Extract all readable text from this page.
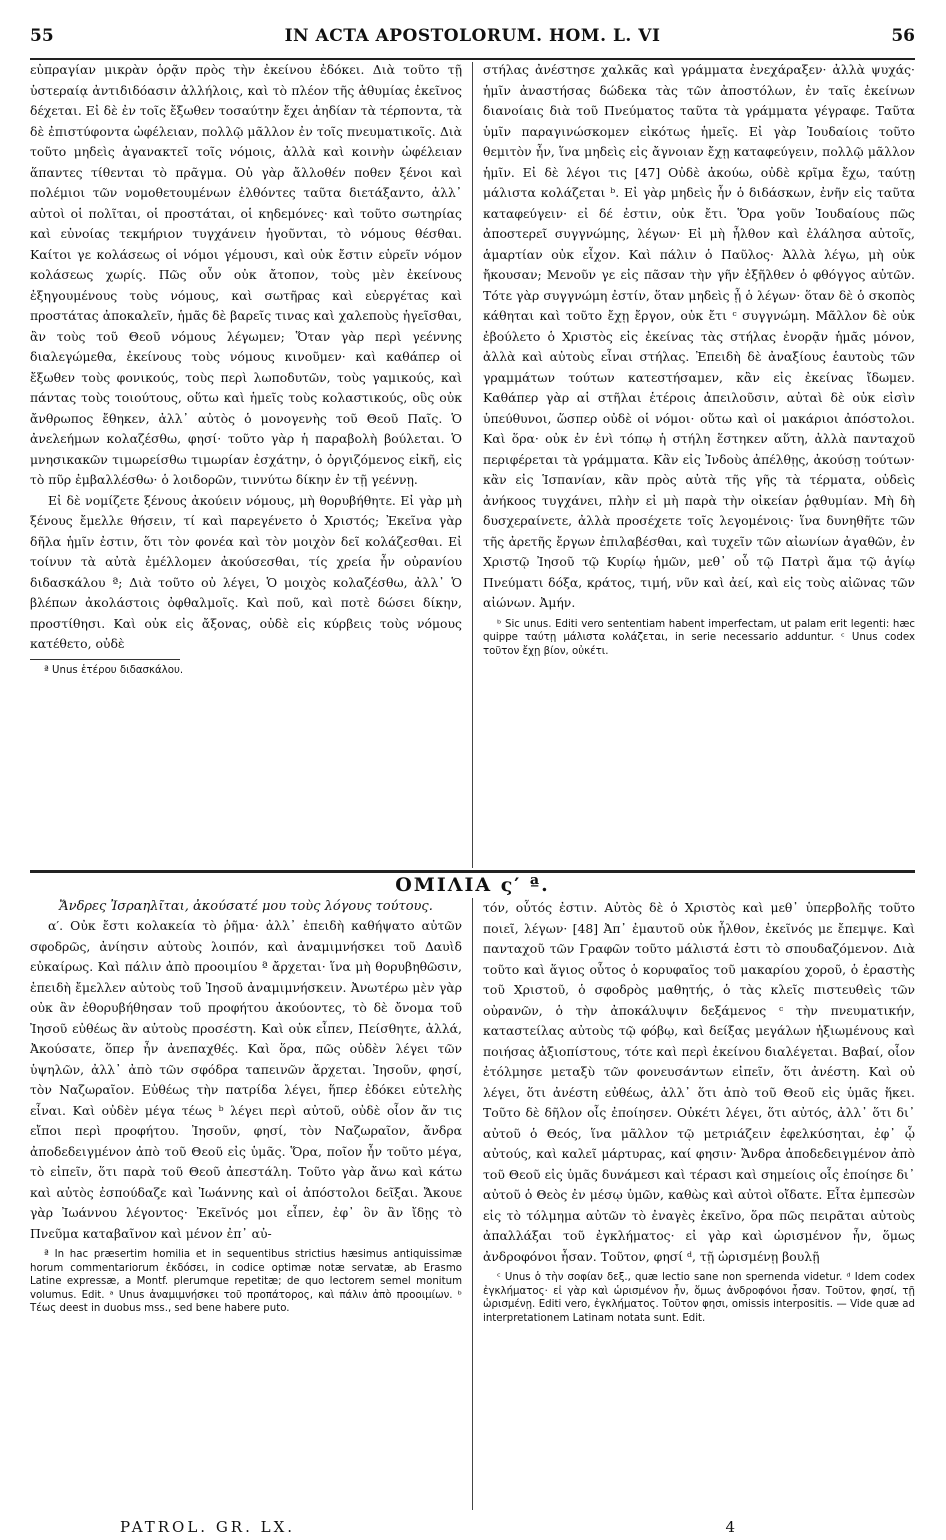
55	IN ACTA APOSTOLORUM. HOM. L. VI	56

εὐπραγίαν μικρὰν ὁρᾷν πρὸς τὴν ἐκείνου ἐδόκει. Διὰ τοῦτο τῇ ὑστεραίᾳ ἀντιδιδόασιν ἀλλήλοις, καὶ τὸ πλέον τῆς ἀθυμίας ἐκεῖνος δέχεται. Εἰ δὲ ἐν τοῖς ἔξωθεν τοσαύτην ἔχει ἀηδίαν τὰ τέρποντα, τὰ δὲ ἐπιστύφοντα ὠφέλειαν, πολλῷ μᾶλλον ἐν τοῖς πνευματικοῖς. Διὰ τοῦτο μηδεὶς ἀγανακτεῖ τοῖς νόμοις, ἀλλὰ καὶ κοινὴν ὠφέλειαν ἅπαντες τίθενται τὸ πρᾶγμα. Οὐ γὰρ ἄλλοθέν ποθεν ξένοι καὶ πολέμιοι τῶν νομοθετουμένων ἐλθόντες ταῦτα διετάξαντο, ἀλλ᾽ αὐτοὶ οἱ πολῖται, οἱ προστάται, οἱ κηδεμόνες· καὶ τοῦτο σωτηρίας καὶ εὐνοίας τεκμήριον τυγχάνειν ἡγοῦνται, τὸ νόμους θέσθαι. Καίτοι γε κολάσεως οἱ νόμοι γέμουσι, καὶ οὐκ ἔστιν εὑρεῖν νόμον κολάσεως χωρίς. Πῶς οὖν οὐκ ἄτοπον, τοὺς μὲν ἐκείνους ἐξηγουμένους τοὺς νόμους, καὶ σωτῆρας καὶ εὐεργέτας καὶ προστάτας ἀποκαλεῖν, ἡμᾶς δὲ βαρεῖς τινας καὶ χαλεποὺς ἡγεῖσθαι, ἂν τοὺς τοῦ Θεοῦ νόμους λέγωμεν; Ὅταν γὰρ περὶ γεέννης διαλεγώμεθα, ἐκείνους τοὺς νόμους κινοῦμεν· καὶ καθάπερ οἱ ἔξωθεν τοὺς φονικούς, τοὺς περὶ λωποδυτῶν, τοὺς γαμικούς, καὶ πάντας τοὺς τοιούτους, οὕτω καὶ ἡμεῖς τοὺς κολαστικούς, οὓς οὐκ ἄνθρωπος ἔθηκεν, ἀλλ᾽ αὐτὸς ὁ μονογενὴς τοῦ Θεοῦ Παῖς. Ὁ ἀνελεήμων κολαζέσθω, φησί· τοῦτο γὰρ ἡ παραβολὴ βούλεται. Ὁ μνησικακῶν τιμωρείσθω τιμωρίαν ἐσχάτην, ὁ ὀργιζόμενος εἰκῆ, εἰς τὸ πῦρ ἐμβαλλέσθω· ὁ λοιδορῶν, τιννύτω δίκην ἐν τῇ γεέννῃ.

Εἰ δὲ νομίζετε ξένους ἀκούειν νόμους, μὴ θορυβήθητε. Εἰ γὰρ μὴ ξένους ἔμελλε θήσειν, τί καὶ παρεγένετο ὁ Χριστός; Ἐκεῖνα γὰρ δῆλα ἡμῖν ἐστιν, ὅτι τὸν φονέα καὶ τὸν μοιχὸν δεῖ κολάζεσθαι. Εἰ τοίνυν τὰ αὐτὰ ἐμέλλομεν ἀκούσεσθαι, τίς χρεία ἦν οὐρανίου διδασκάλου ª; Διὰ τοῦτο οὐ λέγει, Ὁ μοιχὸς κολαζέσθω, ἀλλ᾽ Ὁ βλέπων ἀκολάστοις ὀφθαλμοῖς. Καὶ ποῦ, καὶ ποτὲ δώσει δίκην, προστίθησι. Καὶ οὐκ εἰς ἄξονας, οὐδὲ εἰς κύρβεις τοὺς νόμους κατέθετο, οὐδὲ

ª Unus ἑτέρου διδασκάλου.

στήλας ἀνέστησε χαλκᾶς καὶ γράμματα ἐνεχάραξεν· ἀλλὰ ψυχάς· ἡμῖν ἀναστήσας δώδεκα τὰς τῶν ἀποστόλων, ἐν ταῖς ἐκείνων διανοίαις διὰ τοῦ Πνεύματος ταῦτα τὰ γράμματα γέγραφε. Ταῦτα ὑμῖν παραγινώσκομεν εἰκότως ἡμεῖς. Εἰ γὰρ Ἰουδαίοις τοῦτο θεμιτὸν ἦν, ἵνα μηδεὶς εἰς ἄγνοιαν ἔχῃ καταφεύγειν, πολλῷ μᾶλλον ἡμῖν. Εἰ δὲ λέγοι τις [47] Οὐδὲ ἀκούω, οὐδὲ κρῖμα ἔχω, ταύτῃ μάλιστα κολάζεται ᵇ. Εἰ γὰρ μηδεὶς ἦν ὁ διδάσκων, ἐνῆν εἰς ταῦτα καταφεύγειν· εἰ δέ ἐστιν, οὐκ ἔτι. Ὅρα γοῦν Ἰουδαίους πῶς ἀποστερεῖ συγγνώμης, λέγων· Εἰ μὴ ἦλθον καὶ ἐλάλησα αὐτοῖς, ἁμαρτίαν οὐκ εἶχον. Καὶ πάλιν ὁ Παῦλος· Ἀλλὰ λέγω, μὴ οὐκ ἤκουσαν; Μενοῦν γε εἰς πᾶσαν τὴν γῆν ἐξῆλθεν ὁ φθόγγος αὐτῶν. Τότε γὰρ συγγνώμη ἐστίν, ὅταν μηδεὶς ᾖ ὁ λέγων· ὅταν δὲ ὁ σκοπὸς κάθηται καὶ τοῦτο ἔχῃ ἔργον, οὐκ ἔτι ᶜ συγγνώμη. Μᾶλλον δὲ οὐκ ἐβούλετο ὁ Χριστὸς εἰς ἐκείνας τὰς στήλας ἐνορᾷν ἡμᾶς μόνον, ἀλλὰ καὶ αὐτοὺς εἶναι στήλας. Ἐπειδὴ δὲ ἀναξίους ἑαυτοὺς τῶν γραμμάτων τούτων κατεστήσαμεν, κἂν εἰς ἐκείνας ἴδωμεν. Καθάπερ γὰρ αἱ στῆλαι ἑτέροις ἀπειλοῦσιν, αὐταὶ δὲ οὐκ εἰσὶν ὑπεύθυνοι, ὥσπερ οὐδὲ οἱ νόμοι· οὕτω καὶ οἱ μακάριοι ἀπόστολοι. Καὶ ὅρα· οὐκ ἐν ἑνὶ τόπῳ ἡ στήλη ἕστηκεν αὕτη, ἀλλὰ πανταχοῦ περιφέρεται τὰ γράμματα. Κἂν εἰς Ἰνδοὺς ἀπέλθῃς, ἀκούσῃ τούτων· κἂν εἰς Ἱσπανίαν, κἂν πρὸς αὐτὰ τῆς γῆς τὰ τέρματα, οὐδεὶς ἀνήκοος τυγχάνει, πλὴν εἰ μὴ παρὰ τὴν οἰκείαν ῥᾳθυμίαν. Μὴ δὴ δυσχεραίνετε, ἀλλὰ προσέχετε τοῖς λεγομένοις· ἵνα δυνηθῆτε τῶν τῆς ἀρετῆς ἔργων ἐπιλαβέσθαι, καὶ τυχεῖν τῶν αἰωνίων ἀγαθῶν, ἐν Χριστῷ Ἰησοῦ τῷ Κυρίῳ ἡμῶν, μεθ᾽ οὗ τῷ Πατρὶ ἅμα τῷ ἁγίῳ Πνεύματι δόξα, κράτος, τιμή, νῦν καὶ ἀεί, καὶ εἰς τοὺς αἰῶνας τῶν αἰώνων. Ἀμήν.

ᵇ Sic unus. Editi vero sententiam habent imperfectam, ut palam erit legenti: hæc quippe ταύτῃ μάλιστα κολάζεται, in serie necessario adduntur. ᶜ Unus codex τοῦτον ἔχῃ βίον, οὐκέτι.

ΟΜΙΛΙΑ ς′ ª.

Ἄνδρες Ἰσραηλῖται, ἀκούσατέ μου τοὺς λόγους τούτους.

α′. Οὐκ ἔστι κολακεία τὸ ῥῆμα· ἀλλ᾽ ἐπειδὴ καθήψατο αὐτῶν σφοδρῶς, ἀνίησιν αὐτοὺς λοιπόν, καὶ ἀναμιμνήσκει τοῦ Δαυὶδ εὐκαίρως. Καὶ πάλιν ἀπὸ προοιμίου ª ἄρχεται· ἵνα μὴ θορυβηθῶσιν, ἐπειδὴ ἔμελλεν αὐτοὺς τοῦ Ἰησοῦ ἀναμιμνήσκειν. Ἀνωτέρω μὲν γὰρ οὐκ ἂν ἐθορυβήθησαν τοῦ προφήτου ἀκούοντες, τὸ δὲ ὄνομα τοῦ Ἰησοῦ εὐθέως ἂν αὐτοὺς προσέστη. Καὶ οὐκ εἶπεν, Πείσθητε, ἀλλά, Ἀκούσατε, ὅπερ ἦν ἀνεπαχθές. Καὶ ὅρα, πῶς οὐδὲν λέγει τῶν ὑψηλῶν, ἀλλ᾽ ἀπὸ τῶν σφόδρα ταπεινῶν ἄρχεται. Ἰησοῦν, φησί, τὸν Ναζωραῖον. Εὐθέως τὴν πατρίδα λέγει, ἥπερ ἐδόκει εὐτελὴς εἶναι. Καὶ οὐδὲν μέγα τέως ᵇ λέγει περὶ αὐτοῦ, οὐδὲ οἷον ἄν τις εἴποι περὶ προφήτου. Ἰησοῦν, φησί, τὸν Ναζωραῖον, ἄνδρα ἀποδεδειγμένον ἀπὸ τοῦ Θεοῦ εἰς ὑμᾶς. Ὅρα, ποῖον ἦν τοῦτο μέγα, τὸ εἰπεῖν, ὅτι παρὰ τοῦ Θεοῦ ἀπεστάλη. Τοῦτο γὰρ ἄνω καὶ κάτω καὶ αὐτὸς ἐσπούδαζε καὶ Ἰωάννης καὶ οἱ ἀπόστολοι δεῖξαι. Ἄκουε γὰρ Ἰωάννου λέγοντος· Ἐκεῖνός μοι εἶπεν, ἐφ᾽ ὃν ἂν ἴδῃς τὸ Πνεῦμα καταβαῖνον καὶ μένον ἐπ᾽ αὐ-

ª In hac præsertim homilia et in sequentibus strictius hæsimus antiquissimæ horum commentariorum ἐκδόσει, in codice optimæ notæ servatæ, ab Erasmo Latine expressæ, a Montf. plerumque repetitæ; de quo lectorem semel monitum volumus. Edit. ᵃ Unus ἀναμιμνήσκει τοῦ προπάτορος, καὶ πάλιν ἀπὸ προοιμίων. ᵇ Τέως deest in duobus mss., sed bene habere puto.

τόν, οὗτός ἐστιν. Αὐτὸς δὲ ὁ Χριστὸς καὶ μεθ᾽ ὑπερβολῆς τοῦτο ποιεῖ, λέγων· [48] Ἀπ᾽ ἐμαυτοῦ οὐκ ἦλθον, ἐκεῖνός με ἔπεμψε. Καὶ πανταχοῦ τῶν Γραφῶν τοῦτο μάλιστά ἐστι τὸ σπουδαζόμενον. Διὰ τοῦτο καὶ ἅγιος οὗτος ὁ κορυφαῖος τοῦ μακαρίου χοροῦ, ὁ ἐραστὴς τοῦ Χριστοῦ, ὁ σφοδρὸς μαθητής, ὁ τὰς κλεῖς πιστευθεὶς τῶν οὐρανῶν, ὁ τὴν ἀποκάλυψιν δεξάμενος ᶜ τὴν πνευματικήν, καταστείλας αὐτοὺς τῷ φόβῳ, καὶ δείξας μεγάλων ἠξιωμένους καὶ ποιήσας ἀξιοπίστους, τότε καὶ περὶ ἐκείνου διαλέγεται. Βαβαί, οἷον ἐτόλμησε μεταξὺ τῶν φονευσάντων εἰπεῖν, ὅτι ἀνέστη. Καὶ οὐ λέγει, ὅτι ἀνέστη εὐθέως, ἀλλ᾽ ὅτι ἀπὸ τοῦ Θεοῦ εἰς ὑμᾶς ἥκει. Τοῦτο δὲ δῆλον οἷς ἐποίησεν. Οὐκέτι λέγει, ὅτι αὐτός, ἀλλ᾽ ὅτι δι᾽ αὐτοῦ ὁ Θεός, ἵνα μᾶλλον τῷ μετριάζειν ἐφελκύσηται, ἐφ᾽ ᾧ αὐτούς, καὶ καλεῖ μάρτυρας, καί φησιν· Ἄνδρα ἀποδεδειγμένον ἀπὸ τοῦ Θεοῦ εἰς ὑμᾶς δυνάμεσι καὶ τέρασι καὶ σημείοις οἷς ἐποίησε δι᾽ αὐτοῦ ὁ Θεὸς ἐν μέσῳ ὑμῶν, καθὼς καὶ αὐτοὶ οἴδατε. Εἶτα ἐμπεσὼν εἰς τὸ τόλμημα αὐτῶν τὸ ἐναγὲς ἐκεῖνο, ὅρα πῶς πειρᾶται αὐτοὺς ἀπαλλάξαι τοῦ ἐγκλήματος· εἰ γὰρ καὶ ὡρισμένον ἦν, ὅμως ἀνδροφόνοι ἦσαν. Τοῦτον, φησί ᵈ, τῇ ὡρισμένῃ βουλῇ

ᶜ Unus ὁ τὴν σοφίαν δεξ., quæ lectio sane non spernenda videtur. ᵈ Idem codex ἐγκλήματος· εἰ γὰρ καὶ ὡρισμένον ἦν, ὅμως ἀνδροφόνοι ἦσαν. Τοῦτον, φησί, τῇ ὡρισμένῃ. Editi vero, ἐγκλήματος. Τοῦτον φησι, omissis interpositis. — Vide quæ ad interpretationem Latinam notata sunt. Edit.

PATROL. GR. LX.	4
